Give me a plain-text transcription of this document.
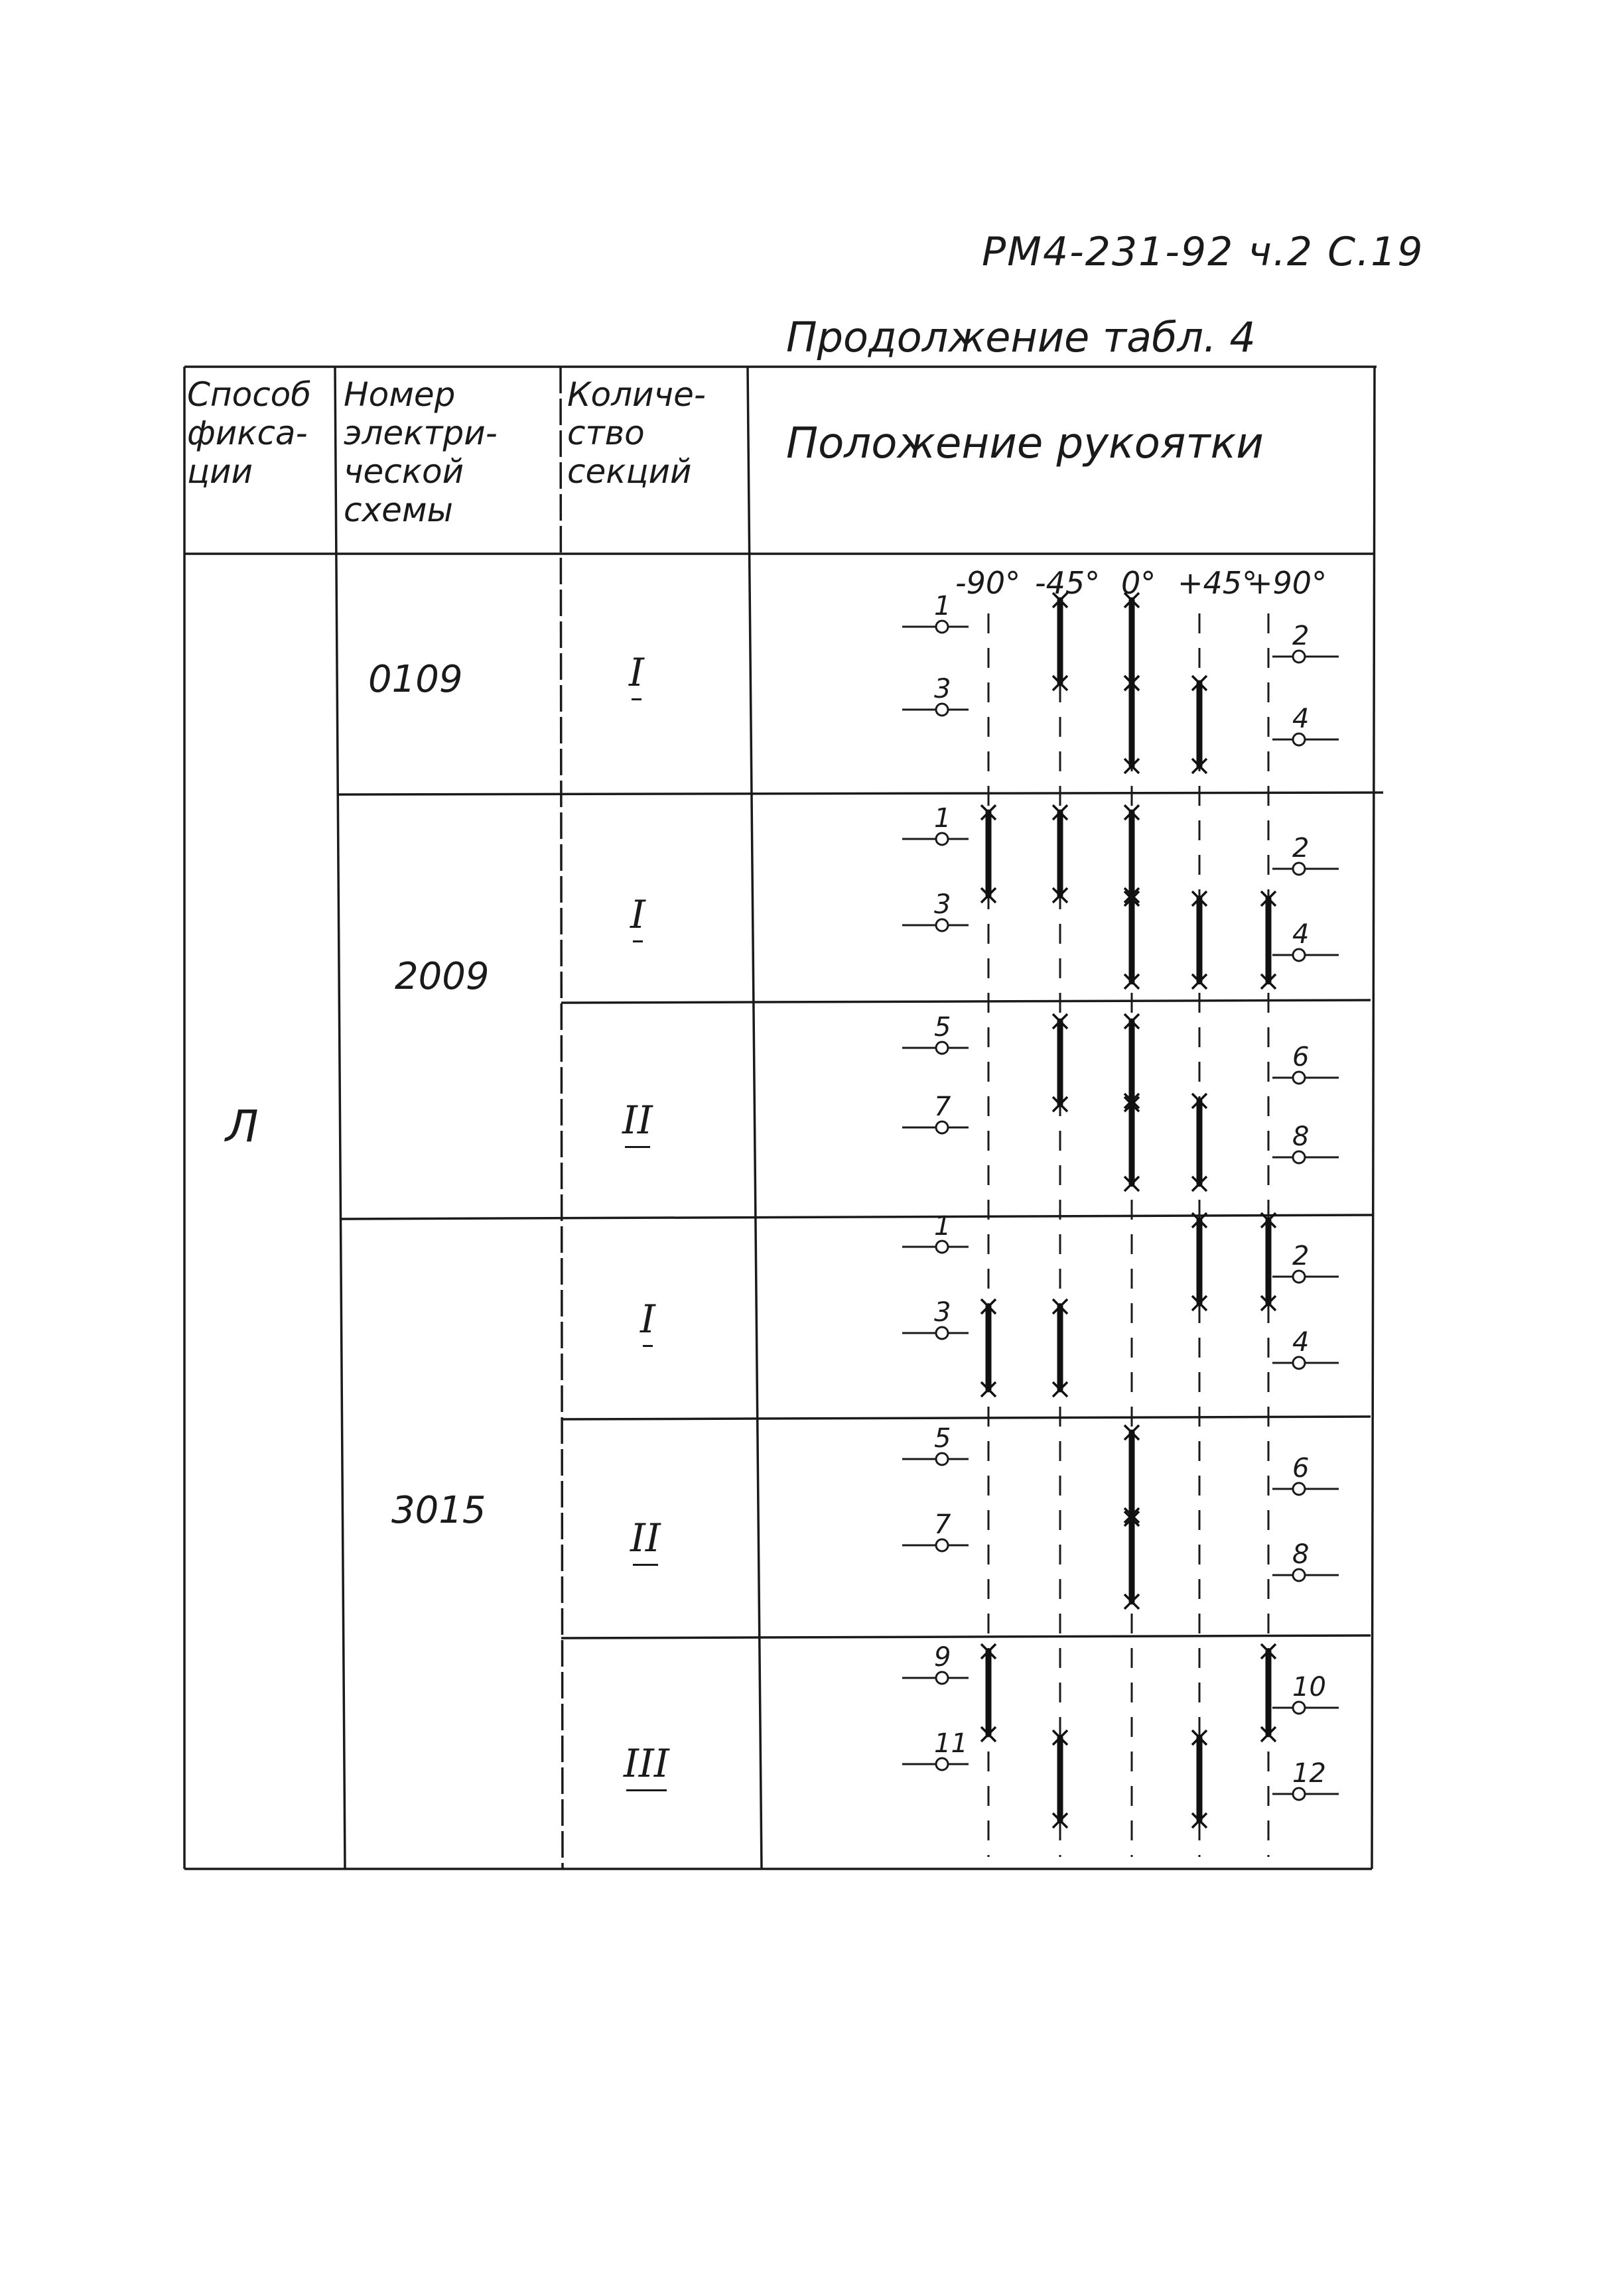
РМ4-231-92 ч.2 С.19
Продолжение табл. 4
-90° -45° 0° +45°
+90°
1
3
2
4
1
3
2
4
5
7
6
8
1
3
2
4
5
7
6
8
9
11
10
12
Способ
фикса-
ции
Номер
электри-
ческой
схемы
Количе-
ство
секций
Положение рукоятки
Л
0109
2009
3015
I
I
II
I
II
III
